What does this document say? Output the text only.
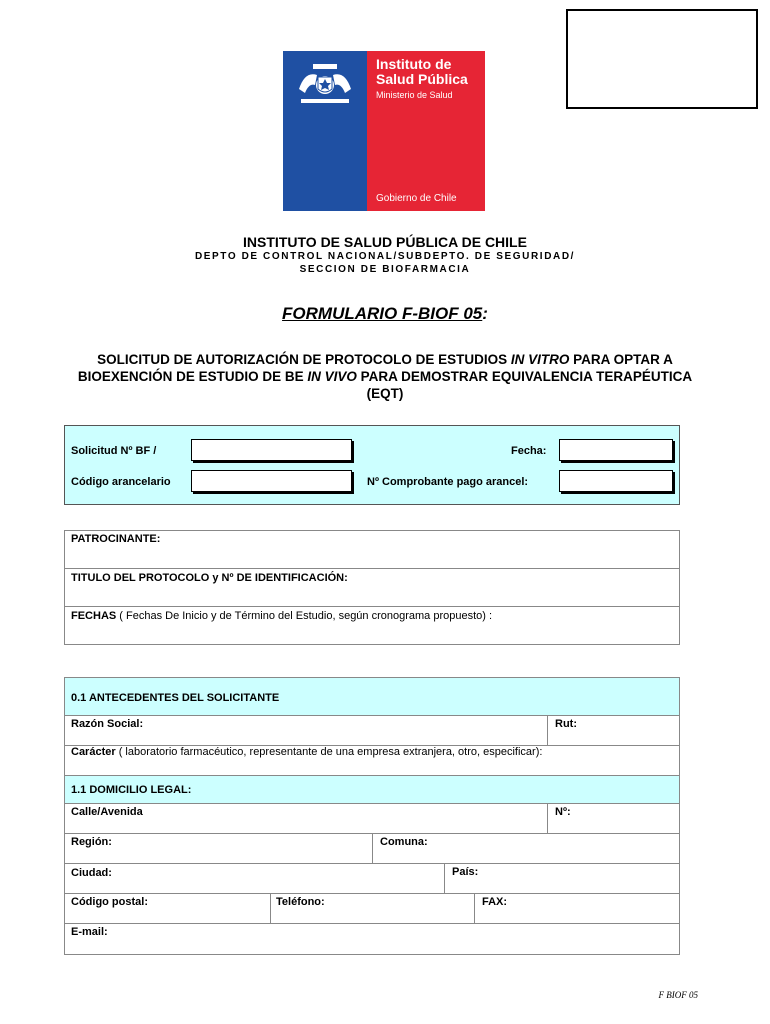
Instituto de
Salud Pública
Ministerio de Salud
Gobierno de Chile
INSTITUTO DE SALUD PÚBLICA DE CHILE
DEPTO DE CONTROL NACIONAL/SUBDEPTO. DE SEGURIDAD/
SECCION DE BIOFARMACIA
FORMULARIO F-BIOF 05:
SOLICITUD DE AUTORIZACIÓN DE PROTOCOLO DE ESTUDIOS IN VITRO PARA OPTAR A BIOEXENCIÓN DE ESTUDIO DE BE IN VIVO PARA DEMOSTRAR EQUIVALENCIA TERAPÉUTICA (EQT)
Solicitud Nº BF /	Fecha:
Código arancelario	Nº Comprobante pago arancel:
PATROCINANTE:
TITULO DEL PROTOCOLO y Nº DE IDENTIFICACIÓN:
FECHAS ( Fechas De Inicio y de Término del Estudio, según cronograma propuesto) :
0.1 ANTECEDENTES DEL SOLICITANTE
Razón Social:	Rut:
Carácter ( laboratorio farmacéutico, representante de una empresa extranjera, otro, especificar):
1.1 DOMICILIO LEGAL:
Calle/Avenida	Nº:
Región:	Comuna:
Ciudad:	País:
Código postal:	Teléfono:	FAX:
E-mail:
F BIOF 05
